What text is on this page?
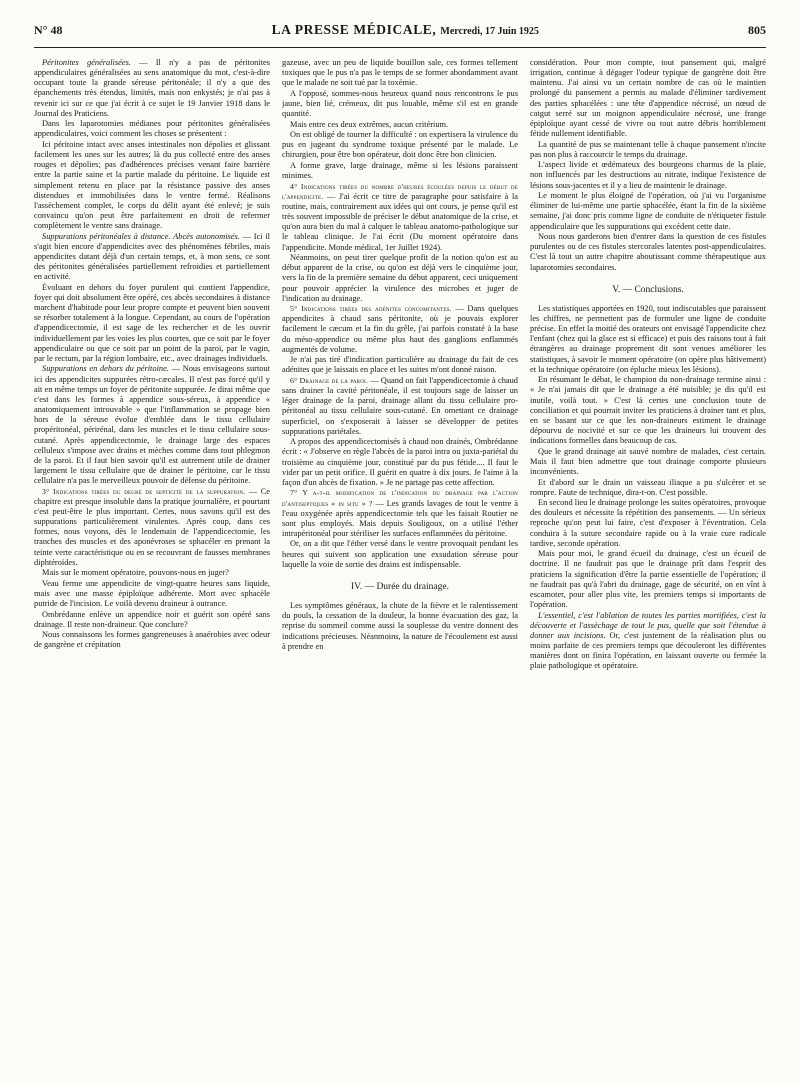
N° 48	LA PRESSE MÉDICALE, Mercredi, 17 Juin 1925	805

Péritonites généralisées. — Il n'y a pas de péritonites appendiculaires généralisées au sens anatomique du mot, c'est-à-dire occupant toute la grande séreuse péritonéale; il n'y a que des épanchements très étendus, limités, mais non enkystés; je n'ai pas à revenir ici sur ce que j'ai écrit à ce sujet le 19 Janvier 1918 dans le Journal des Praticiens.

Dans les laparotomies médianes pour péritonites généralisées appendiculaires, voici comment les choses se présentent :

Ici péritoine intact avec anses intestinales non dépolies et glissant facilement les unes sur les autres; là du pus collecté entre des anses rouges et dépolies; pas d'adhérences précises venant faire barrière entre la partie saine et la partie malade du péritoine. Le liquide est simplement retenu en place par la résistance passive des anses distendues et immobilisées dans le ventre fermé. Réalisons l'assèchement complet, le corps du délit ayant été enlevé; je suis convaincu qu'on peut être parfaitement en droit de refermer complètement le ventre sans drainage.

Suppurations péritonéales à distance. Abcès autonomisés. — Ici il s'agit bien encore d'appendicites avec des phénomènes fébriles, mais appendicites datant déjà d'un certain temps, et, à mon sens, ce sont des péritonites généralisées partiellement refroidies et partiellement en activité.

Évoluant en dehors du foyer purulent qui contient l'appendice, foyer qui doit absolument être opéré, ces abcès secondaires à distance marchent d'habitude pour leur propre compte et peuvent bien souvent se résorber totalement à la longue. Cependant, au cours de l'opération d'appendicectomie, il est sage de les rechercher et de les ouvrir individuellement par les voies les plus courtes, que ce soit par le foyer appendiculaire ou que ce soit par un point de la paroi, par le vagin, par le rectum, par la région lombaire, etc., avec drainages individuels.

Suppurations en dehors du péritoine. — Nous envisageons surtout ici des appendicites suppurées rétro-cæcales. Il n'est pas forcé qu'il y ait en même temps un foyer de péritonite suppurée. Je dirai même que c'est dans les formes à appendice sous-séreux, à appendice « anatomiquement introuvable » que l'inflammation se propage bien hors de la séreuse évolue d'emblée dans le tissu cellulaire propéritonéal, périrénal, dans les muscles et le tissu cellulaire sous-cutané. Après appendicectomie, le drainage large des espaces celluleux s'impose avec drains et mèches comme dans tout phlegmon de la paroi. Et il faut bien savoir qu'il est autrement utile de drainer largement le tissu cellulaire que de drainer le péritoine, car le tissu cellulaire n'a pas le merveilleux pouvoir de défense du péritoine.

3° Indications tirées du degré de septicité de la suppuration. — Ce chapitre est presque insoluble dans la pratique journalière, et pourtant c'est peut-être le plus important. Certes, nous savons qu'il est des suppurations particulièrement virulentes. Après coup, dans ces formes, nous voyons, dès le lendemain de l'appendicectomie, les tranches des muscles et des aponévroses se sphacéler en prenant la teinte verte caractéristique ou en se recouvrant de fausses membranes diphtéroïdes.

Mais sur le moment opératoire, pouvons-nous en juger?

Veau ferme une appendicite de vingt-quatre heures sans liquide, mais avec une masse épiploïque adhérente. Mort avec sphacèle putride de l'incision. Le voilà devenu draineur à outrance.

Ombrédanne enlève un appendice noir et guérit son opéré sans drainage. Il reste non-draineur. Que conclure?

Nous connaissons les formes gangreneuses à anaérobies avec odeur de gangrène et crépitation

gazeuse, avec un peu de liquide bouillon sale, ces formes tellement toxiques que le pus n'a pas le temps de se former abondamment avant que le malade ne soit tué par la toxémie.

A l'opposé, sommes-nous heureux quand nous rencontrons le pus jaune, bien lié, crémeux, dit pus louable, même s'il est en grande quantité.

Mais entre ces deux extrêmes, aucun critérium.

On est obligé de tourner la difficulté : on expertisera la virulence du pus en jugeant du syndrome toxique présenté par le malade. Le chirurgien, pour être bon opérateur, doit donc être bon clinicien.

A forme grave, large drainage, même si les lésions paraissent minimes.

4° Indications tirées du nombre d'heures écoulées depuis le début de l'appendicite. — J'ai écrit ce titre de paragraphe pour satisfaire à la routine, mais, contrairement aux idées qui ont cours, je pense qu'il est très souvent impossible de préciser le début anatomique de la crise, et qu'on aura bien du mal à calquer le tableau anatomo-pathologique sur le tableau clinique. Je l'ai écrit (Du moment opératoire dans l'appendicite. Monde médical, 1er Juillet 1924).

Néanmoins, on peut tirer quelque profit de la notion qu'on est au début apparent de la crise, ou qu'on est déjà vers le cinquième jour, vers la fin de la première semaine du début apparent, ceci uniquement pour pouvoir apprécier la virulence des microbes et juger de l'indication au drainage.

5° Indications tirées des adénites concomitantes. — Dans quelques appendicites à chaud sans péritonite, où je pouvais explorer facilement le cæcum et la fin du grêle, j'ai parfois constaté à la base du méso-appendice ou même plus haut des ganglions enflammés augmentés de volume.

Je n'ai pas tiré d'indication particulière au drainage du fait de ces adénites que je laissais en place et les suites m'ont donné raison.

6° Drainage de la paroi. — Quand on fait l'appendicectomie à chaud sans drainer la cavité péritonéale, il est toujours sage de laisser un léger drainage de la paroi, drainage allant du tissu cellulaire pro-péritonéal au tissu cellulaire sous-cutané. En omettant ce drainage superficiel, on s'exposerait à laisser se développer de petites suppurations pariétales.

A propos des appendicectomisés à chaud non drainés, Ombrédanne écrit : « J'observe en règle l'abcès de la paroi intra ou juxta-pariétal du troisième au cinquième jour, constitué par du pus fétide.... Il faut le vider par un petit orifice. Il guérit en quatre à dix jours. Je l'aime à la façon d'un abcès de fixation. » Je ne partage pas cette affection.

7° Y a-t-il modification de l'indication du drainage par l'action d'antiseptiques « in situ » ? — Les grands lavages de tout le ventre à l'eau oxygénée après appendicectomie tels que les faisait Routier ne sont plus employés. Mais depuis Souligoux, on a utilisé l'éther intrapéritonéal pour stériliser les surfaces enflammées du péritoine.

Or, on a dit que l'éther versé dans le ventre provoquait pendant les heures qui suivent son application une exsudation séreuse pour laquelle la voie de sortie des drains est indispensable.

IV. — Durée du drainage.

Les symptômes généraux, la chute de la fièvre et le ralentissement du pouls, la cessation de la douleur, la bonne évacuation des gaz, la reprise du sommeil comme aussi la souplesse du ventre donnent des indications précieuses. Néanmoins, la nature de l'écoulement est aussi à prendre en

considération. Pour mon compte, tout pansement qui, malgré irrigation, continue à dégager l'odeur typique de gangrène doit être maintenu. J'ai ainsi vu un certain nombre de cas où le maintien prolongé du pansement a permis au malade d'éliminer tardivement des parties sphacélées : une tête d'appendice nécrosé, un nœud de catgut serré sur un moignon appendiculaire nécrosé, une frange épiploïque ayant cessé de vivre ou tout autre débris horriblement fétide nullement identifiable.

La quantité de pus se maintenant telle à chaque pansement n'incite pas non plus à raccourcir le temps du drainage.

L'aspect livide et œdémateux des bourgeons charnus de la plaie, non influencés par les destructions au nitrate, indique l'existence de lésions sous-jacentes et il y a lieu de maintenir le drainage.

Le moment le plus éloigné de l'opération, où j'ai vu l'organisme éliminer de lui-même une partie sphacélée, étant la fin de la sixième semaine, j'ai donc pris comme ligne de conduite de n'étiqueter fistule appendiculaire que les suppurations qui excédent cette date.

Nous nous garderons bien d'entrer dans la question de ces fistules purulentes ou de ces fistules stercorales latentes post-appendiculaires. C'est là tout un autre chapitre aboutissant comme thérapeutique aux laparotomies secondaires.

V. — Conclusions.

Les statistiques apportées en 1920, tout indiscutables que paraissent les chiffres, ne permettent pas de formuler une ligne de conduite précise. En effet la moitié des orateurs ont envisagé l'appendicite chez l'enfant (chez qui la glace est si efficace) et puis des raisons tout à fait étrangères au drainage proprement dit sont venues améliorer les statistiques, à savoir le moment opératoire (on opère plus hâtivement) et la technique opératoire (on épluche mieux les lésions).

En résumant le débat, le champion du non-drainage termine ainsi : « Je n'ai jamais dit que le drainage a été nuisible; je dis qu'il est inutile, voilà tout. » C'est là certes une conclusion toute de conciliation et qui pourrait inviter les praticiens à drainer tant et plus, en se basant sur ce que les non-draineurs estiment le drainage dépourvu de nocivité et sur ce que les draineurs lui trouvent des indications formelles dans beaucoup de cas.

Que le grand drainage ait sauvé nombre de malades, c'est certain. Mais il faut bien admettre que tout drainage comporte plusieurs inconvénients.

Et d'abord sur le drain un vaisseau iliaque a pu s'ulcérer et se rompre. Faute de technique, dira-t-on. C'est possible.

En second lieu le drainage prolonge les suites opératoires, provoque des douleurs et nécessite la répétition des pansements. — Un sérieux reproche qu'on peut lui faire, c'est d'exposer à l'éventration. Cela conduira à la suture secondaire rapide ou à la vraie cure radicale tardive, seconde opération.

Mais pour moi, le grand écueil du drainage, c'est un écueil de doctrine. Il ne faudrait pas que le drainage prît dans l'esprit des praticiens la signification d'être la partie essentielle de l'opération; il ne faudrait pas qu'à l'abri du drainage, gage de sécurité, on en vînt à escamoter, pour aller plus vite, les premiers temps si importants de l'opération.

L'essentiel, c'est l'ablation de toutes les parties mortifiées, c'est la découverte et l'assèchage de tout le pus, quelle que soit l'étendue à donner aux incisions. Or, c'est justement de la réalisation plus ou moins parfaite de ces premiers temps que découleront les différentes manières dont on finira l'opération, en laissant ouverte ou fermée la plaie pathologique et opératoire.
